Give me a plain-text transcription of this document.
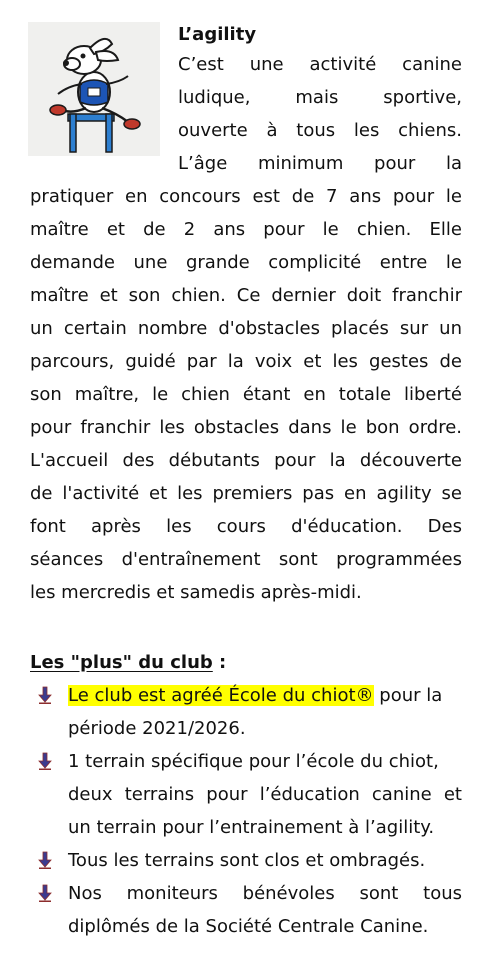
L’agility
C’est une activité canine
ludique, mais sportive,
ouverte à tous les chiens.
L’âge minimum pour la
pratiquer en concours est de 7 ans pour le
maître et de 2 ans pour le chien. Elle
demande une grande complicité entre le
maître et son chien. Ce dernier doit franchir
un certain nombre d'obstacles placés sur un
parcours, guidé par la voix et les gestes de
son maître, le chien étant en totale liberté
pour franchir les obstacles dans le bon ordre.
L'accueil des débutants pour la découverte
de l'activité et les premiers pas en agility se
font après les cours d'éducation. Des
séances d'entraînement sont programmées
les mercredis et samedis après-midi.
Les "plus" du club :
Le club est agréé École du chiot® pour la
période 2021/2026.
1 terrain spécifique pour l’école du chiot,
deux terrains pour l’éducation canine et
un terrain pour l’entrainement à l’agility.
Tous les terrains sont clos et ombragés.
Nos moniteurs bénévoles sont tous
diplômés de la Société Centrale Canine.
